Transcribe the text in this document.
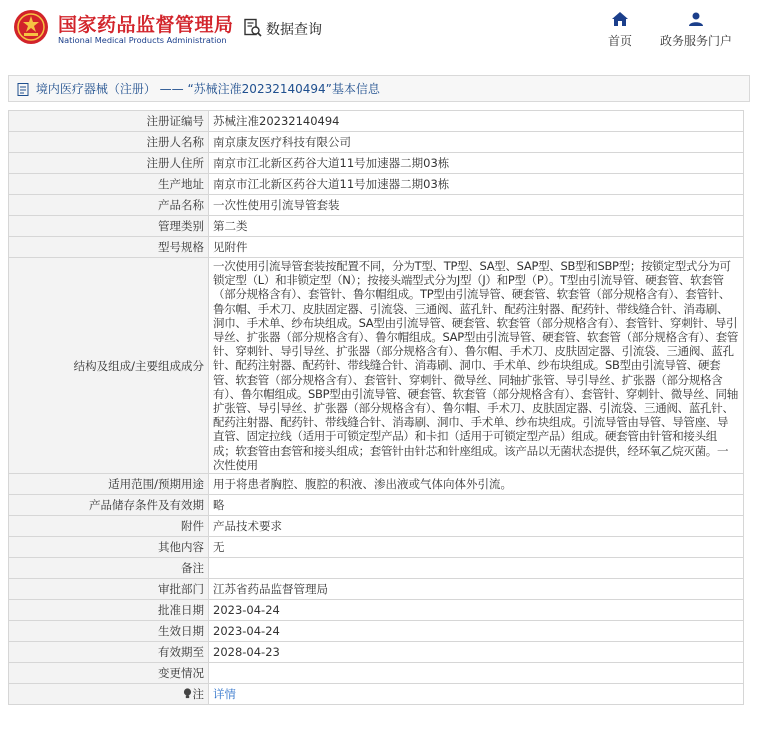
国家药品监督管理局
National Medical Products Administration
数据查询
首页	政务服务门户
境内医疗器械（注册） —— “苏械注准20232140494”基本信息
注册证编号	苏械注准20232140494
注册人名称	南京康友医疗科技有限公司
注册人住所	南京市江北新区药谷大道11号加速器二期03栋
生产地址	南京市江北新区药谷大道11号加速器二期03栋
产品名称	一次性使用引流导管套装
管理类别	第二类
型号规格	见附件
结构及组成/主要组成成分	一次使用引流导管套装按配置不同，分为T型、TP型、SA型、SAP型、SB型和SBP型；按锁定型式分为可锁定型（L）和非锁定型（N）；按接头端型式分为J型（J）和P型（P）。T型由引流导管、硬套管、软套管（部分规格含有）、套管针、鲁尔帽组成。TP型由引流导管、硬套管、软套管（部分规格含有）、套管针、鲁尔帽、手术刀、皮肤固定器、引流袋、三通阀、蓝孔针、配药注射器、配药针、带线缝合针、消毒刷、洞巾、手术单、纱布块组成。SA型由引流导管、硬套管、软套管（部分规格含有）、套管针、穿刺针、导引导丝、扩张器（部分规格含有）、鲁尔帽组成。SAP型由引流导管、硬套管、软套管（部分规格含有）、套管针、穿刺针、导引导丝、扩张器（部分规格含有）、鲁尔帽、手术刀、皮肤固定器、引流袋、三通阀、蓝孔针、配药注射器、配药针、带线缝合针、消毒刷、洞巾、手术单、纱布块组成。SB型由引流导管、硬套管、软套管（部分规格含有）、套管针、穿刺针、微导丝、同轴扩张管、导引导丝、扩张器（部分规格含有）、鲁尔帽组成。SBP型由引流导管、硬套管、软套管（部分规格含有）、套管针、穿刺针、微导丝、同轴扩张管、导引导丝、扩张器（部分规格含有）、鲁尔帽、手术刀、皮肤固定器、引流袋、三通阀、蓝孔针、配药注射器、配药针、带线缝合针、消毒刷、洞巾、手术单、纱布块组成。引流导管由导管、导管座、导直管、固定拉线（适用于可锁定型产品）和卡扣（适用于可锁定型产品）组成。硬套管由针管和接头组成；软套管由套管和接头组成；套管针由针芯和针座组成。该产品以无菌状态提供，经环氧乙烷灭菌。一次性使用
适用范围/预期用途	用于将患者胸腔、腹腔的积液、渗出液或气体向体外引流。
产品储存条件及有效期	略
附件	产品技术要求
其他内容	无
备注	
审批部门	江苏省药品监督管理局
批准日期	2023-04-24
生效日期	2023-04-24
有效期至	2028-04-23
变更情况	
注	详情
